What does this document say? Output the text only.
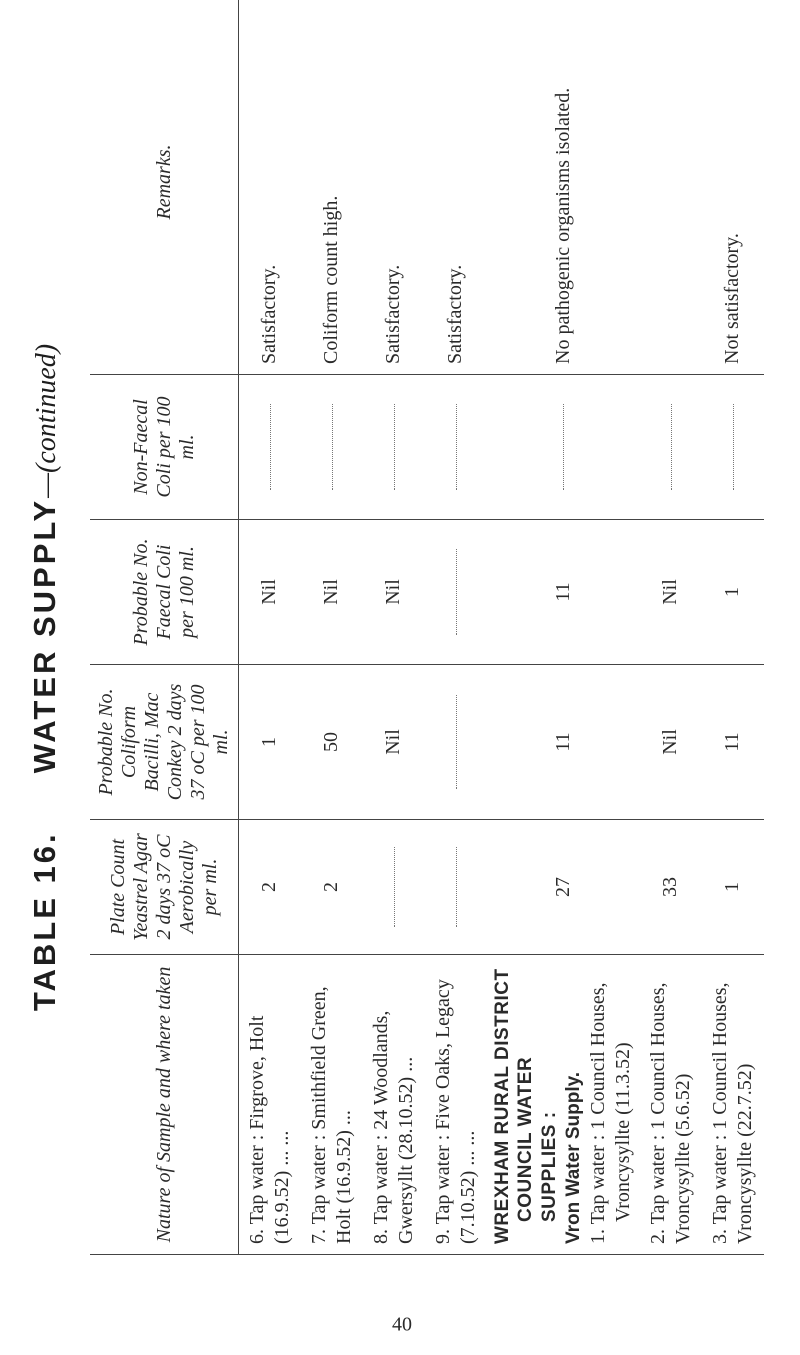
TABLE 16.     WATER SUPPLY—(continued)
40
Nature of Sample and where taken	Plate Count Yeastrel Agar 2 days 37 oC Aerobically per ml.	Probable No. Coliform Bacilli, Mac Conkey 2 days 37 oC per 100 ml.	Probable No. Faecal Coli per 100 ml.	Non-Faecal Coli per 100 ml.	Remarks.
6. Tap water : Firgrove, Holt (16.9.52) ... ...	2	1	Nil		Satisfactory.
7. Tap water : Smithfield Green, Holt (16.9.52) ...	2	50	Nil		Coliform count high.
8. Tap water : 24 Woodlands, Gwersyllt (28.10.52) ...		Nil	Nil		Satisfactory.
9. Tap water : Five Oaks, Legacy (7.10.52) ... ...					Satisfactory.

WREXHAM RURAL DISTRICT COUNCIL WATER SUPPLIES : Vron Water Supply. 1. Tap water : 1 Council Houses, Vroncysyllte (11.3.52)	27	11	11		No pathogenic organisms isolated.
2. Tap water : 1 Council Houses, Vroncysyllte (5.6.52)	33	Nil	Nil		
3. Tap water : 1 Council Houses, Vroncysyllte (22.7.52)	1	11	1		Not satisfactory.
